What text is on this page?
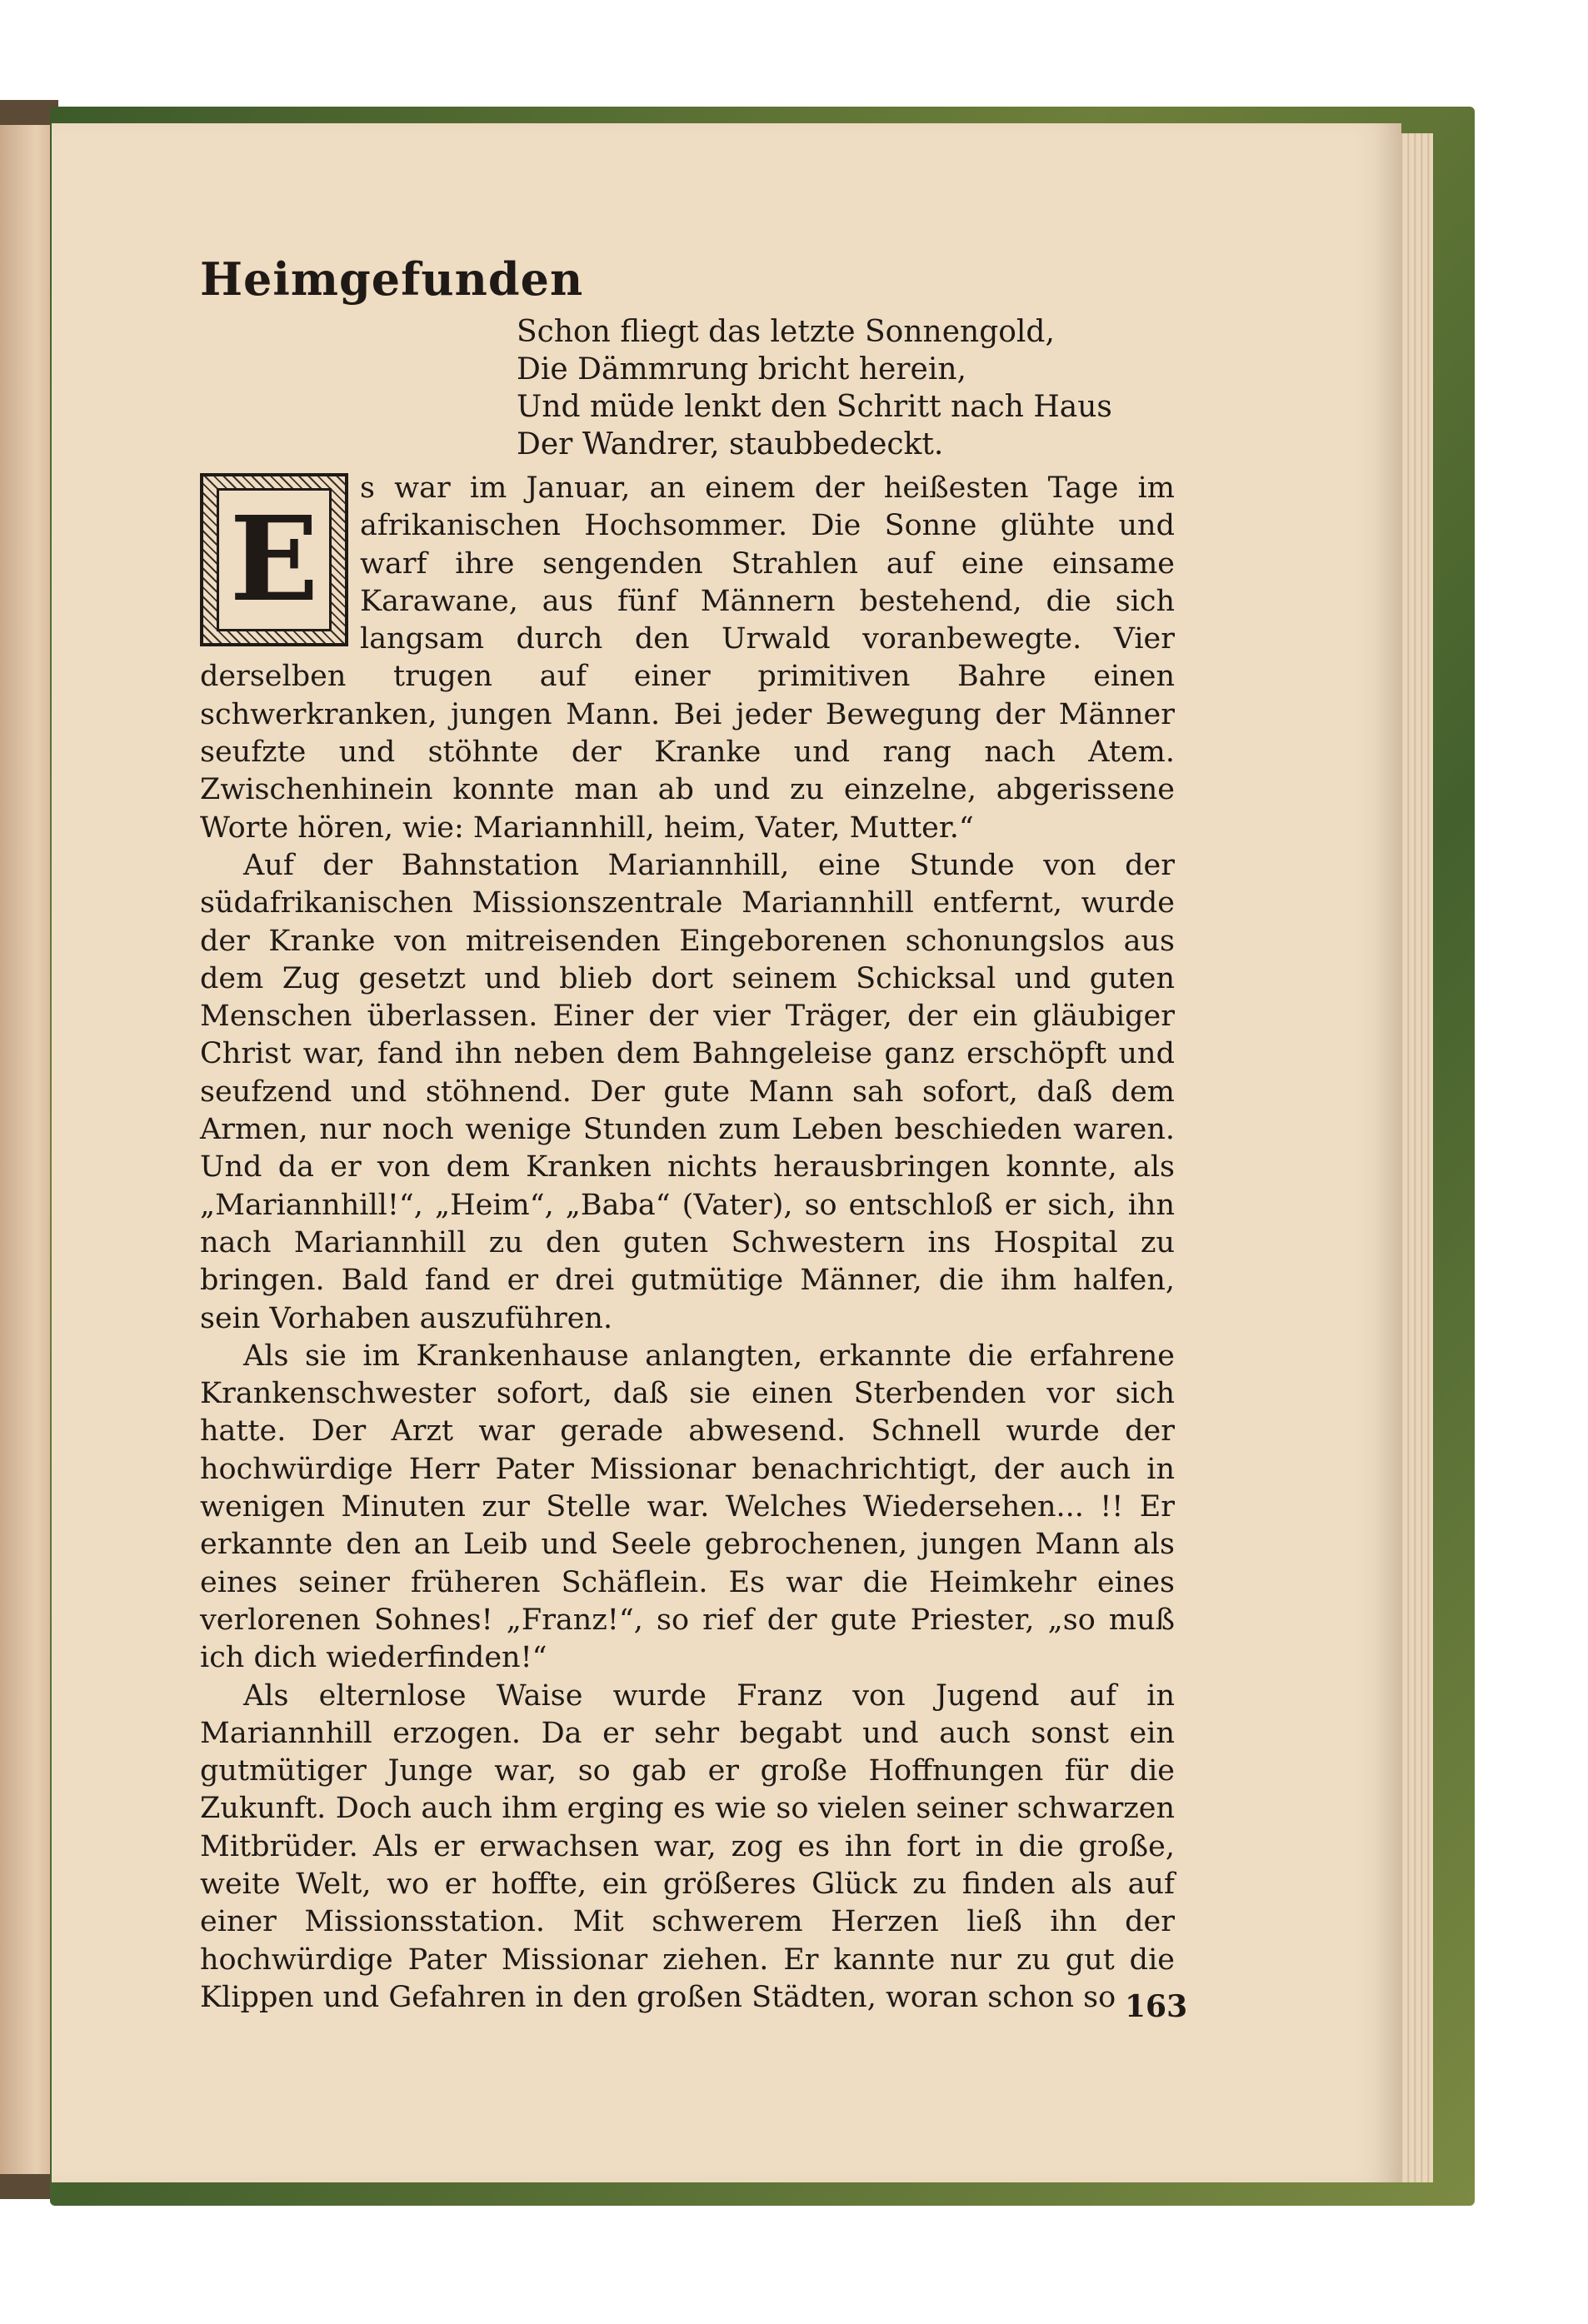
Heimgefunden
Schon fliegt das letzte Sonnengold,
Die Dämmrung bricht herein,
Und müde lenkt den Schritt nach Haus
Der Wandrer, staubbedeckt.
E

s war im Januar, an einem der heißesten Tage im afrikanischen Hochsommer. Die Sonne glühte und warf ihre sengenden Strahlen auf eine einsame Karawane, aus fünf Männern bestehend, die sich langsam durch den Urwald voranbewegte. Vier derselben trugen auf einer primitiven Bahre einen schwerkranken, jungen Mann. Bei jeder Bewegung der Männer seufzte und stöhnte der Kranke und rang nach Atem. Zwischenhinein konnte man ab und zu einzelne, abgerissene Worte hören, wie: Mariannhill, heim, Vater, Mutter.“

Auf der Bahnstation Mariannhill, eine Stunde von der südafrikanischen Missionszentrale Mariannhill entfernt, wurde der Kranke von mitreisenden Eingeborenen schonungslos aus dem Zug gesetzt und blieb dort seinem Schicksal und guten Menschen überlassen. Einer der vier Träger, der ein gläubiger Christ war, fand ihn neben dem Bahngeleise ganz erschöpft und seufzend und stöhnend. Der gute Mann sah sofort, daß dem Armen, nur noch wenige Stunden zum Leben beschieden waren. Und da er von dem Kranken nichts herausbringen konnte, als „Mariannhill!“, „Heim“, „Baba“ (Vater), so entschloß er sich, ihn nach Mariannhill zu den guten Schwestern ins Hospital zu bringen. Bald fand er drei gutmütige Männer, die ihm halfen, sein Vorhaben auszuführen.

Als sie im Krankenhause anlangten, erkannte die erfahrene Krankenschwester sofort, daß sie einen Sterbenden vor sich hatte. Der Arzt war gerade abwesend. Schnell wurde der hochwürdige Herr Pater Missionar benachrichtigt, der auch in wenigen Minuten zur Stelle war. Welches Wiedersehen... !! Er erkannte den an Leib und Seele gebrochenen, jungen Mann als eines seiner früheren Schäflein. Es war die Heimkehr eines verlorenen Sohnes! „Franz!“, so rief der gute Priester, „so muß ich dich wiederfinden!“

Als elternlose Waise wurde Franz von Jugend auf in Mariannhill erzogen. Da er sehr begabt und auch sonst ein gutmütiger Junge war, so gab er große Hoffnungen für die Zukunft. Doch auch ihm erging es wie so vielen seiner schwarzen Mitbrüder. Als er erwachsen war, zog es ihn fort in die große, weite Welt, wo er hoffte, ein größeres Glück zu finden als auf einer Missionsstation. Mit schwerem Herzen ließ ihn der hochwürdige Pater Missionar ziehen. Er kannte nur zu gut die Klippen und Gefahren in den großen Städten, woran schon so 163
